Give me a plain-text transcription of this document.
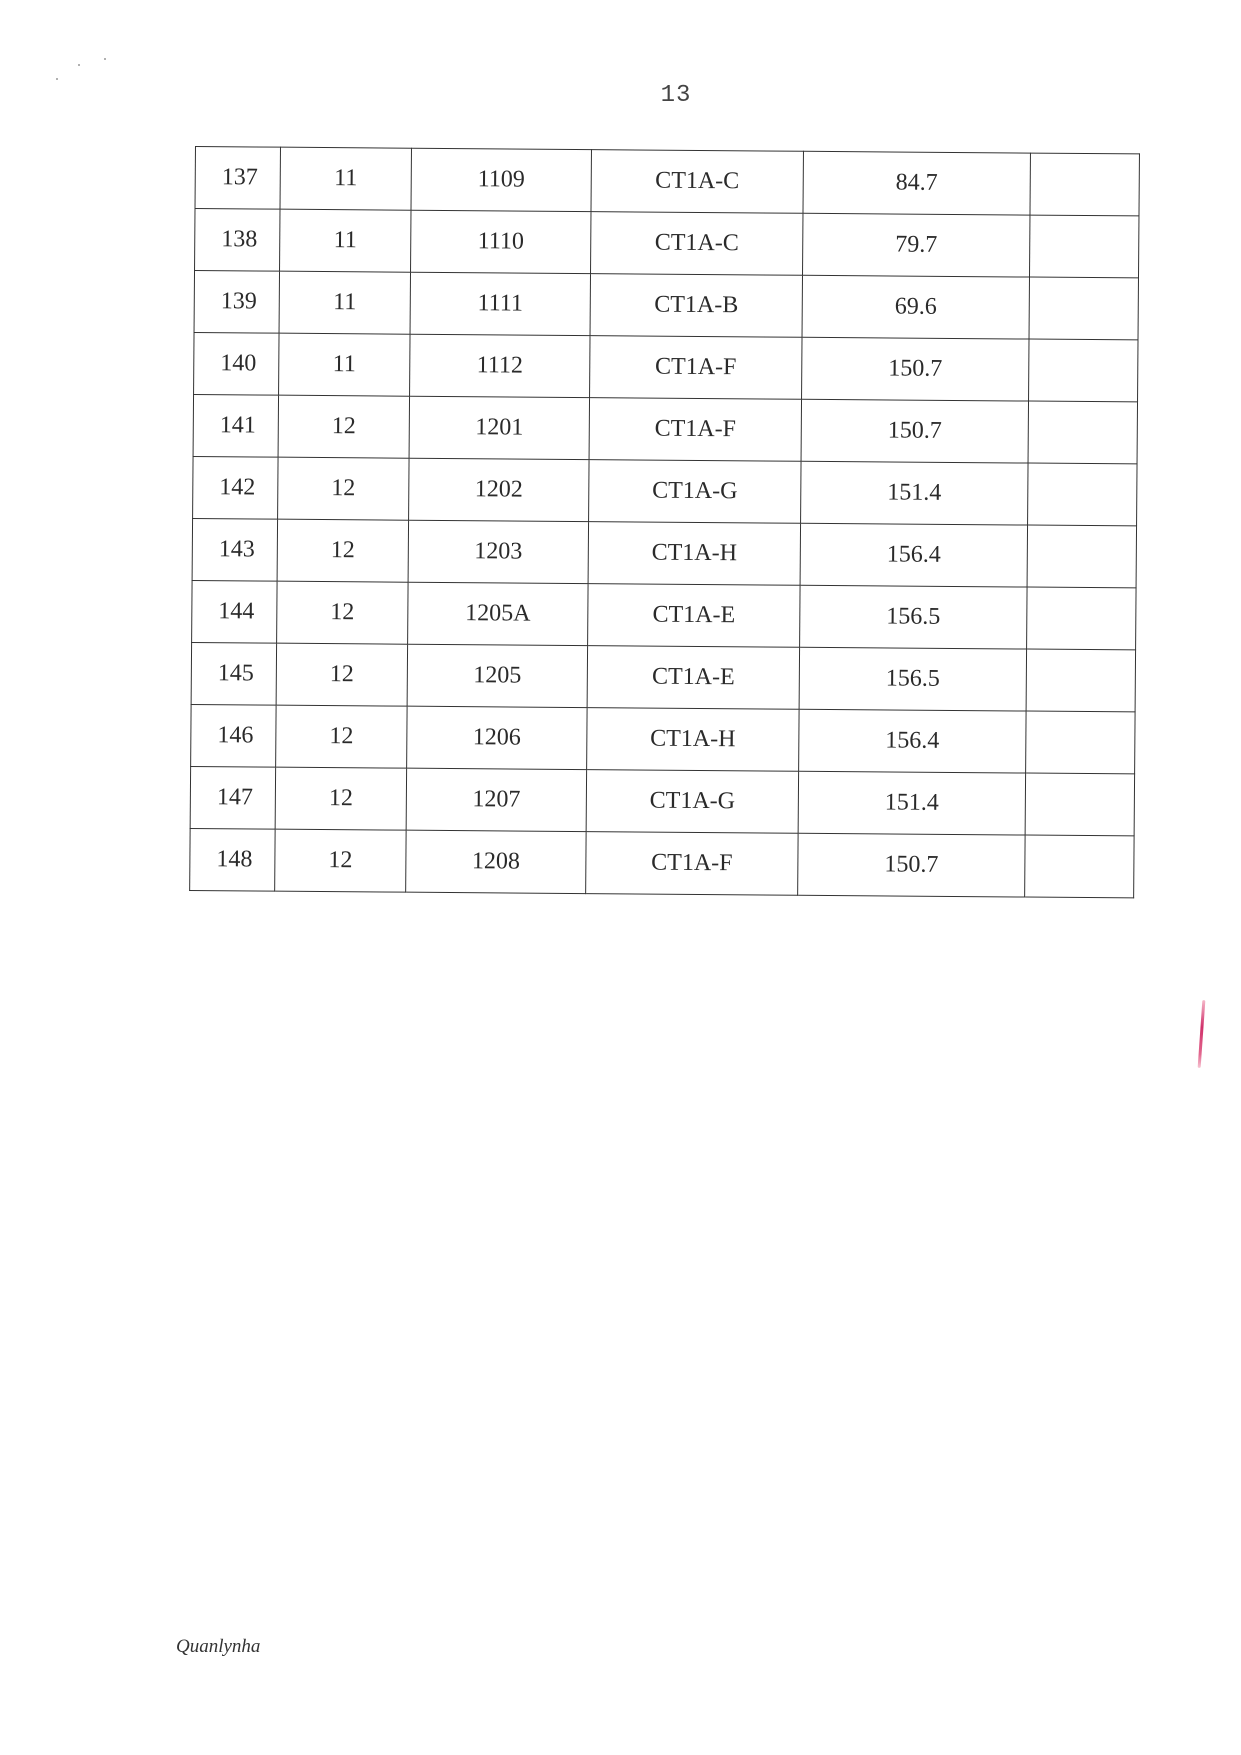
13
137	11	1109	CT1A-C	84.7	
138	11	1110	CT1A-C	79.7	
139	11	1111	CT1A-B	69.6	
140	11	1112	CT1A-F	150.7	
141	12	1201	CT1A-F	150.7	
142	12	1202	CT1A-G	151.4	
143	12	1203	CT1A-H	156.4	
144	12	1205A	CT1A-E	156.5	
145	12	1205	CT1A-E	156.5	
146	12	1206	CT1A-H	156.4	
147	12	1207	CT1A-G	151.4	
148	12	1208	CT1A-F	150.7	
Quanlynha
